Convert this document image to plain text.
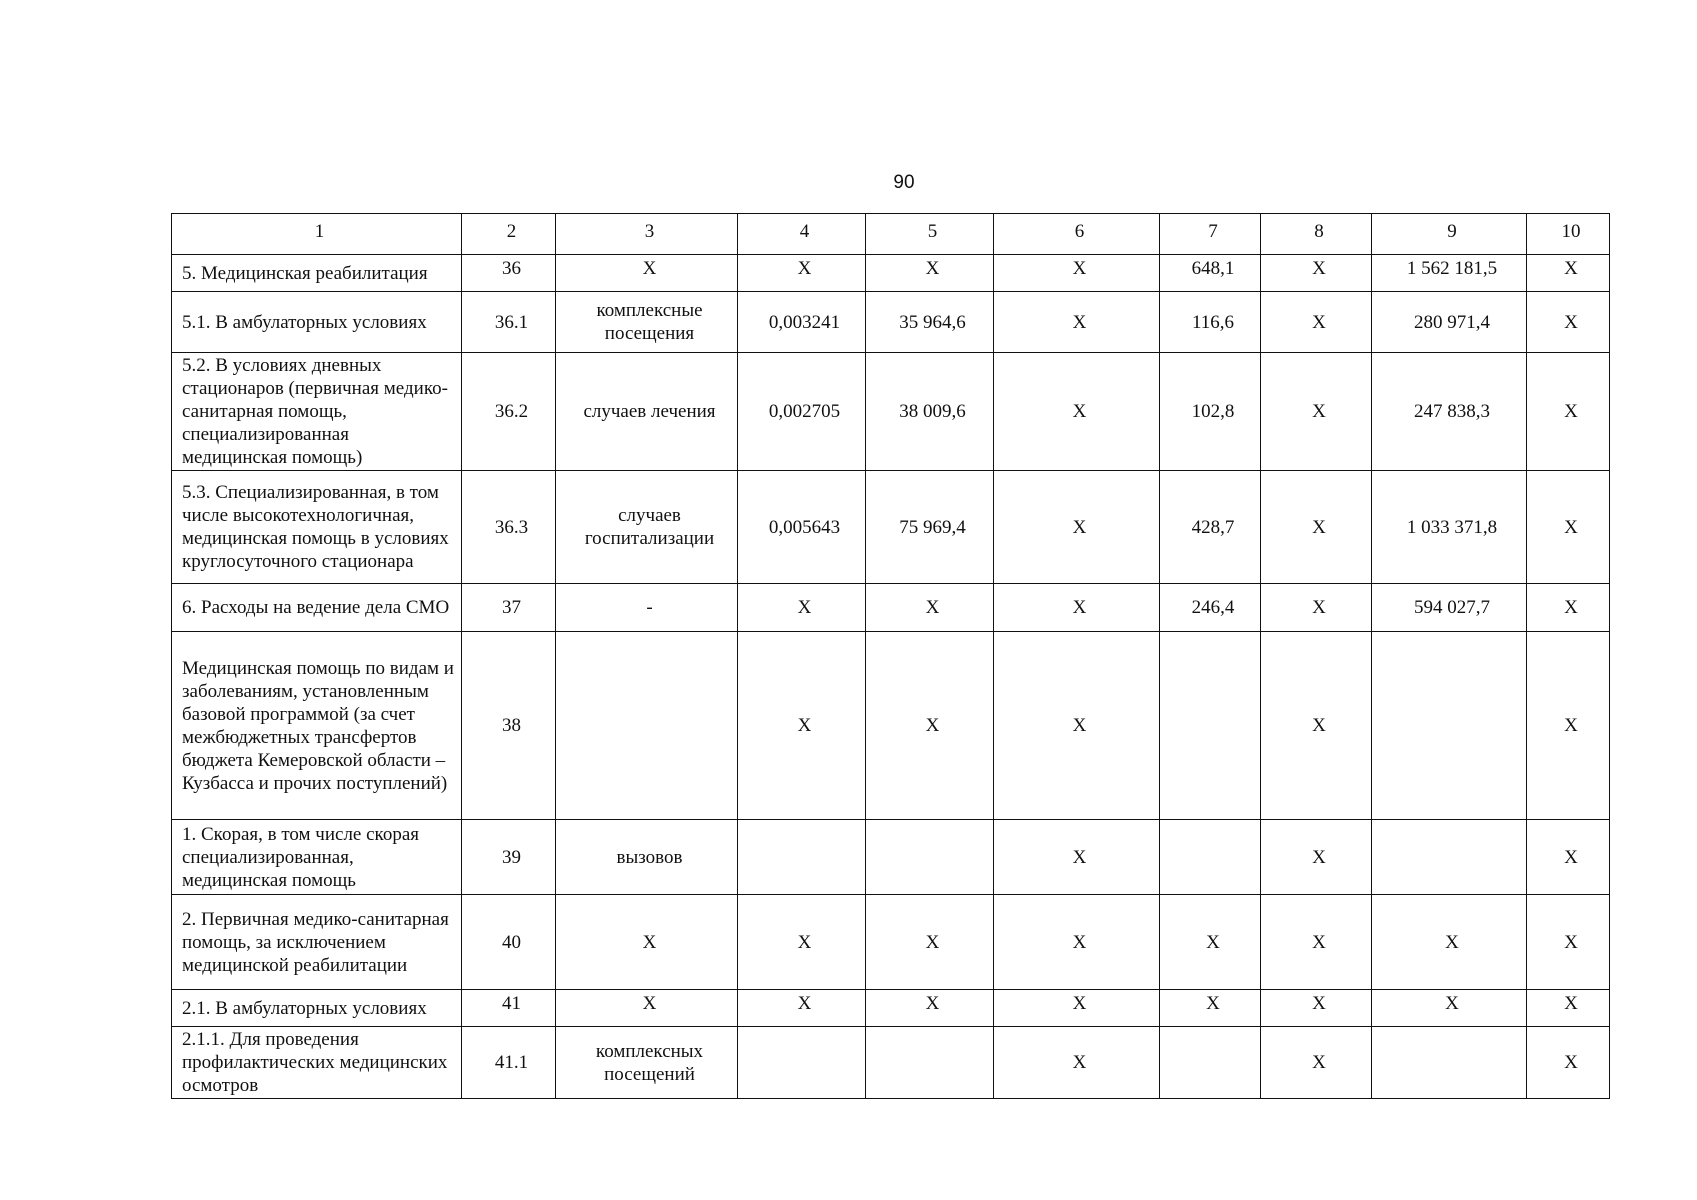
90
1	2	3	4	5	6	7	8	9	10
5. Медицинская реабилитация	36	X	X	X	X	648,1	X	1 562 181,5	X
5.1. В амбулаторных условиях	36.1	комплексные посещения	0,003241	35 964,6	X	116,6	X	280 971,4	X
5.2. В условиях дневных стационаров (первичная медико-санитарная помощь, специализированная медицинская помощь)	36.2	случаев лечения	0,002705	38 009,6	X	102,8	X	247 838,3	X
5.3. Специализированная, в том числе высокотехнологичная, медицинская помощь в условиях круглосуточного стационара	36.3	случаев госпитализации	0,005643	75 969,4	X	428,7	X	1 033 371,8	X
6. Расходы на ведение дела СМО	37	-	X	X	X	246,4	X	594 027,7	X
Медицинская помощь по видам и заболеваниям, установленным базовой программой (за счет межбюджетных трансфертов бюджета Кемеровской области – Кузбасса и прочих поступлений)	38		X	X	X		X		X
1. Скорая, в том числе скорая специализированная, медицинская помощь	39	вызовов			X		X		X
2. Первичная медико-санитарная помощь, за исключением медицинской реабилитации	40	X	X	X	X	X	X	X	X
2.1. В амбулаторных условиях	41	X	X	X	X	X	X	X	X
2.1.1. Для проведения профилактических медицинских осмотров	41.1	комплексных посещений			X		X		X
